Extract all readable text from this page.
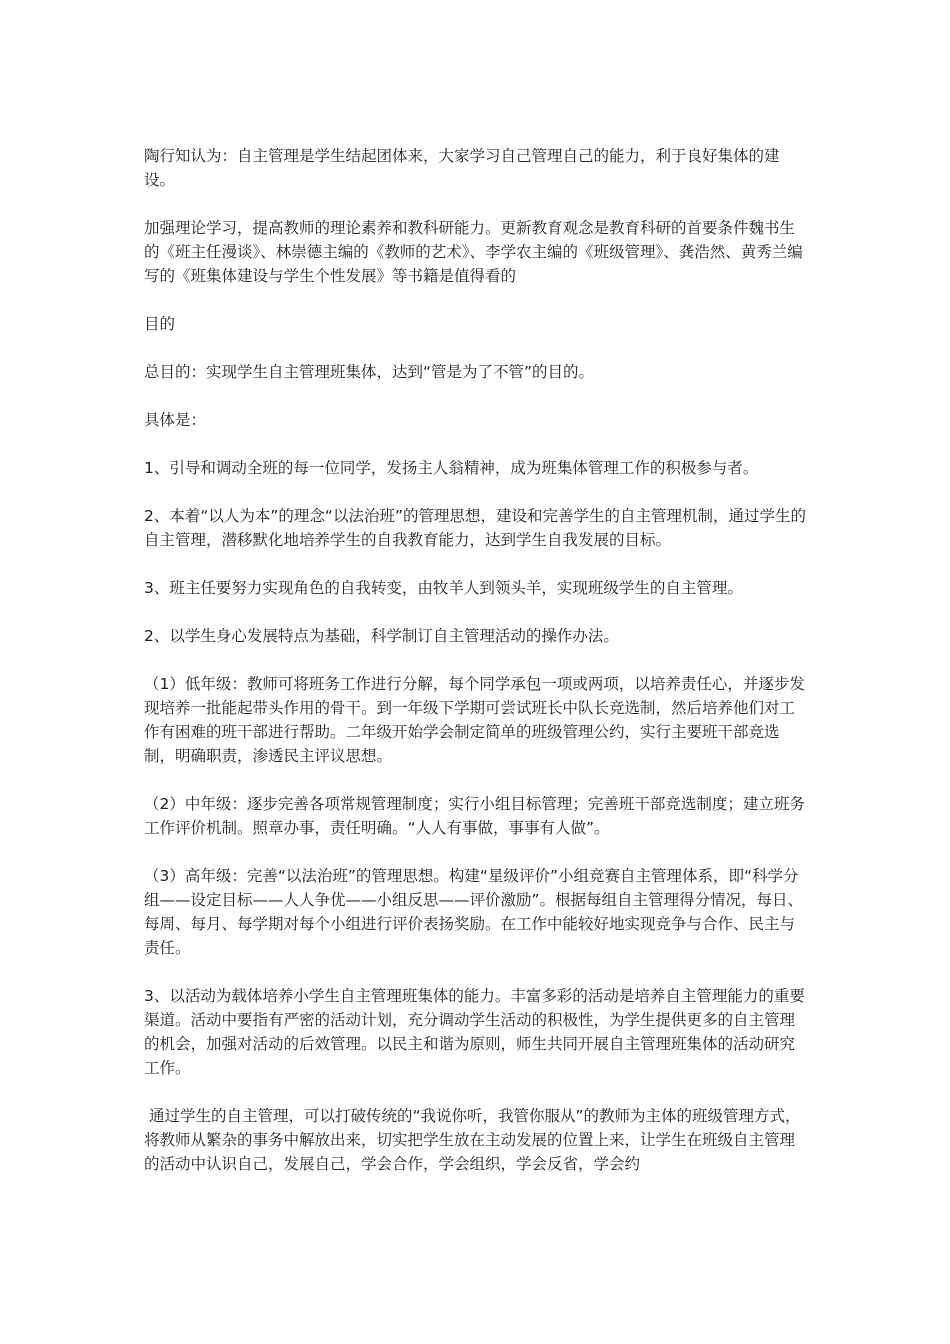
陶行知认为：自主管理是学生结起团体来，大家学习自己管理自己的能力，利于良好集体的建设。

加强理论学习，提高教师的理论素养和教科研能力。更新教育观念是教育科研的首要条件魏书生的《班主任漫谈》、林崇德主编的《教师的艺术》、李学农主编的《班级管理》、龚浩然、黄秀兰编写的《班集体建设与学生个性发展》等书籍是值得看的

目的

总目的：实现学生自主管理班集体，达到“管是为了不管”的目的。

具体是：

1、引导和调动全班的每一位同学，发扬主人翁精神，成为班集体管理工作的积极参与者。

2、本着“以人为本”的理念“以法治班”的管理思想，建设和完善学生的自主管理机制，通过学生的自主管理，潜移默化地培养学生的自我教育能力，达到学生自我发展的目标。

3、班主任要努力实现角色的自我转变，由牧羊人到领头羊，实现班级学生的自主管理。

2、以学生身心发展特点为基础，科学制订自主管理活动的操作办法。

（1）低年级：教师可将班务工作进行分解，每个同学承包一项或两项，以培养责任心，并逐步发现培养一批能起带头作用的骨干。到一年级下学期可尝试班长中队长竞选制，然后培养他们对工作有困难的班干部进行帮助。二年级开始学会制定简单的班级管理公约，实行主要班干部竞选制，明确职责，渗透民主评议思想。

（2）中年级：逐步完善各项常规管理制度；实行小组目标管理；完善班干部竞选制度；建立班务工作评价机制。照章办事，责任明确。“人人有事做，事事有人做”。

（3）高年级：完善“以法治班”的管理思想。构建“星级评价”小组竞赛自主管理体系，即“科学分组——设定目标——人人争优——小组反思——评价激励”。根据每组自主管理得分情况，每日、每周、每月、每学期对每个小组进行评价表扬奖励。在工作中能较好地实现竞争与合作、民主与责任。

3、以活动为载体培养小学生自主管理班集体的能力。丰富多彩的活动是培养自主管理能力的重要渠道。活动中要指有严密的活动计划，充分调动学生活动的积极性，为学生提供更多的自主管理的机会，加强对活动的后效管理。以民主和谐为原则，师生共同开展自主管理班集体的活动研究工作。

通过学生的自主管理，可以打破传统的“我说你听，我管你服从”的教师为主体的班级管理方式，将教师从繁杂的事务中解放出来，切实把学生放在主动发展的位置上来，让学生在班级自主管理的活动中认识自己，发展自己，学会合作，学会组织，学会反省，学会约
